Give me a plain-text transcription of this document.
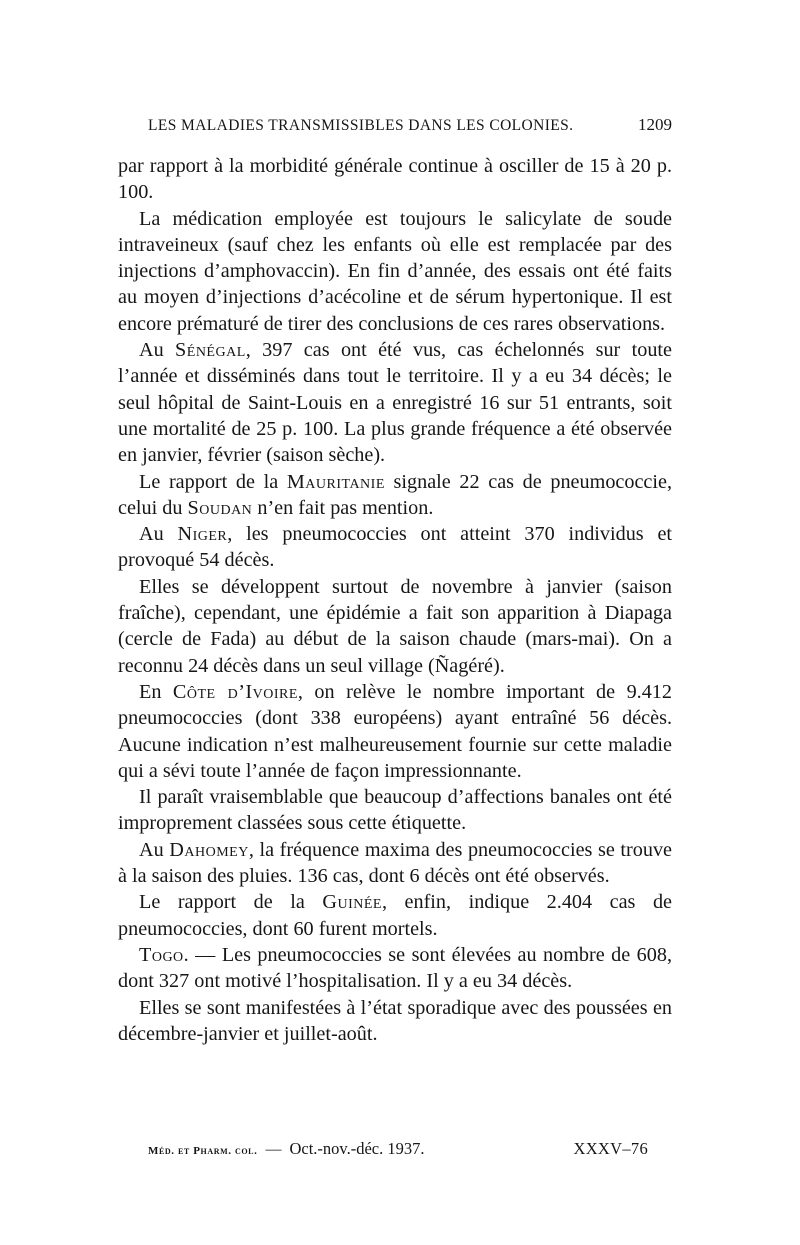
LES MALADIES TRANSMISSIBLES DANS LES COLONIES.	1209

par rapport à la morbidité générale continue à osciller de 15 à 20 p. 100.

La médication employée est toujours le salicylate de soude intraveineux (sauf chez les enfants où elle est remplacée par des injections d’amphovaccin). En fin d’année, des essais ont été faits au moyen d’injections d’acécoline et de sérum hypertonique. Il est encore prématuré de tirer des conclusions de ces rares observations.

Au Sénégal, 397 cas ont été vus, cas échelonnés sur toute l’année et disséminés dans tout le territoire. Il y a eu 34 décès; le seul hôpital de Saint-Louis en a enregistré 16 sur 51 entrants, soit une mortalité de 25 p. 100. La plus grande fréquence a été observée en janvier, février (saison sèche).

Le rapport de la Mauritanie signale 22 cas de pneumococcie, celui du Soudan n’en fait pas mention.

Au Niger, les pneumococcies ont atteint 370 individus et provoqué 54 décès.

Elles se développent surtout de novembre à janvier (saison fraîche), cependant, une épidémie a fait son apparition à Diapaga (cercle de Fada) au début de la saison chaude (mars-mai). On a reconnu 24 décès dans un seul village (Ñagéré).

En Côte d’Ivoire, on relève le nombre important de 9.412 pneumococcies (dont 338 européens) ayant entraîné 56 décès. Aucune indication n’est malheureusement fournie sur cette maladie qui a sévi toute l’année de façon impressionnante.

Il paraît vraisemblable que beaucoup d’affections banales ont été improprement classées sous cette étiquette.

Au Dahomey, la fréquence maxima des pneumococcies se trouve à la saison des pluies. 136 cas, dont 6 décès ont été observés.

Le rapport de la Guinée, enfin, indique 2.404 cas de pneumococcies, dont 60 furent mortels.

Togo. — Les pneumococcies se sont élevées au nombre de 608, dont 327 ont motivé l’hospitalisation. Il y a eu 34 décès.

Elles se sont manifestées à l’état sporadique avec des poussées en décembre-janvier et juillet-août.

Méd. et Pharm. col. — Oct.-nov.-déc. 1937.	XXXV–76
